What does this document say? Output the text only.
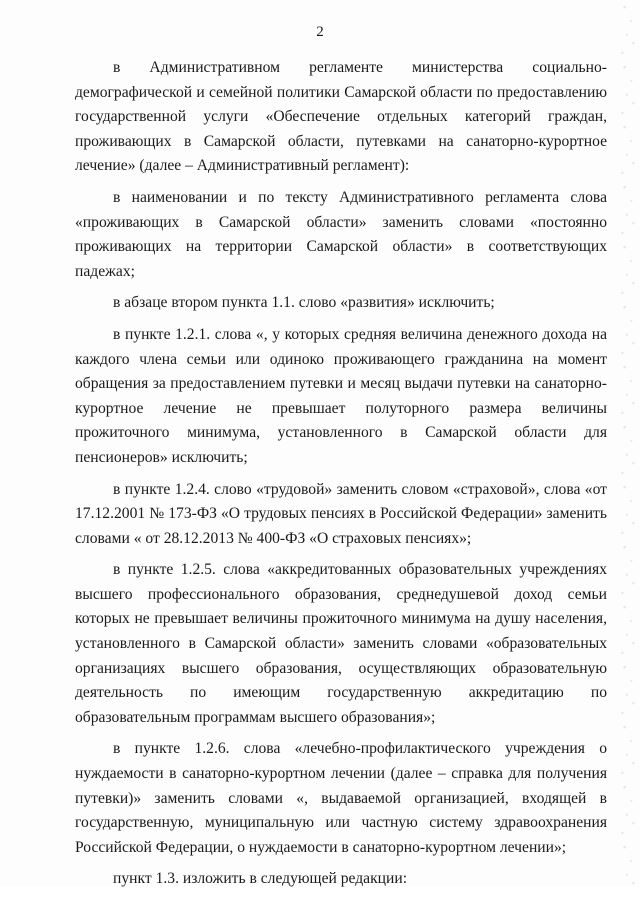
2

в Административном регламенте министерства социально-демографической и семейной политики Самарской области по предоставлению государственной услуги «Обеспечение отдельных категорий граждан, проживающих в Самарской области, путевками на санаторно-курортное лечение» (далее – Административный регламент):

в наименовании и по тексту Административного регламента слова «проживающих в Самарской области» заменить словами «постоянно проживающих на территории Самарской области» в соответствующих падежах;

в абзаце втором пункта 1.1. слово «развития» исключить;

в пункте 1.2.1. слова «, у которых средняя величина денежного дохода на каждого члена семьи или одиноко проживающего гражданина на момент обращения за предоставлением путевки и месяц выдачи путевки на санаторно-курортное лечение не превышает полуторного размера величины прожиточного минимума, установленного в Самарской области для пенсионеров» исключить;

в пункте 1.2.4. слово «трудовой» заменить словом «страховой», слова «от 17.12.2001 № 173-ФЗ «О трудовых пенсиях в Российской Федерации» заменить словами « от 28.12.2013 № 400-ФЗ «О страховых пенсиях»;

в пункте 1.2.5. слова «аккредитованных образовательных учреждениях высшего профессионального образования, среднедушевой доход семьи которых не превышает величины прожиточного минимума на душу населения, установленного в Самарской области» заменить словами «образовательных организациях высшего образования, осуществляющих образовательную деятельность по имеющим государственную аккредитацию по образовательным программам высшего образования»;

в пункте 1.2.6. слова «лечебно-профилактического учреждения о нуждаемости в санаторно-курортном лечении (далее – справка для получения путевки)» заменить словами «, выдаваемой организацией, входящей в государственную, муниципальную или частную систему здравоохранения Российской Федерации, о нуждаемости в санаторно-курортном лечении»;

пункт 1.3. изложить в следующей редакции:
